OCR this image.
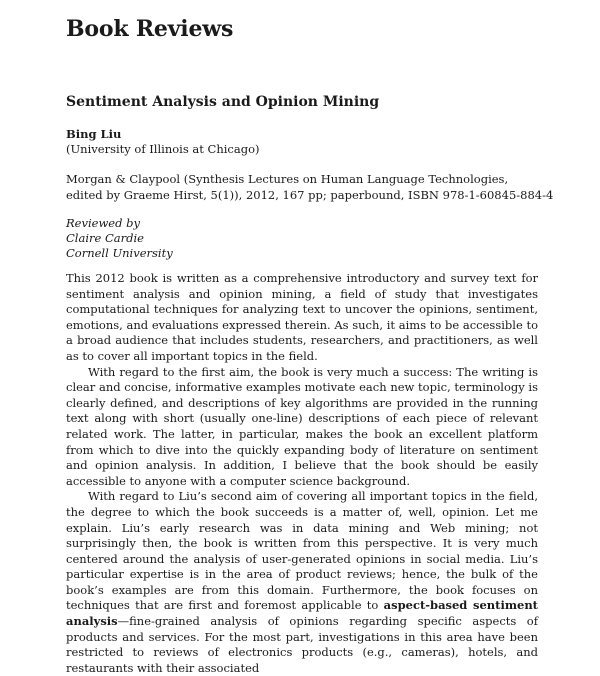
Book Reviews
Sentiment Analysis and Opinion Mining
Bing Liu
(University of Illinois at Chicago)
Morgan & Claypool (Synthesis Lectures on Human Language Technologies,
edited by Graeme Hirst, 5(1)), 2012, 167 pp; paperbound, ISBN 978-1-60845-884-4
Reviewed by
Claire Cardie
Cornell University

This 2012 book is written as a comprehensive introductory and survey text for sentiment analysis and opinion mining, a field of study that investigates computational techniques for analyzing text to uncover the opinions, sentiment, emotions, and evaluations expressed therein. As such, it aims to be accessible to a broad audience that includes students, researchers, and practitioners, as well as to cover all important topics in the field.

With regard to the first aim, the book is very much a success: The writing is clear and concise, informative examples motivate each new topic, terminology is clearly defined, and descriptions of key algorithms are provided in the running text along with short (usually one-line) descriptions of each piece of relevant related work. The latter, in particular, makes the book an excellent platform from which to dive into the quickly expanding body of literature on sentiment and opinion analysis. In addition, I believe that the book should be easily accessible to anyone with a computer science background.

With regard to Liu’s second aim of covering all important topics in the field, the degree to which the book succeeds is a matter of, well, opinion. Let me explain. Liu’s early research was in data mining and Web mining; not surprisingly then, the book is written from this perspective. It is very much centered around the analysis of user-generated opinions in social media. Liu’s particular expertise is in the area of product reviews; hence, the bulk of the book’s examples are from this domain. Furthermore, the book focuses on techniques that are first and foremost applicable to aspect-based sentiment analysis—fine-grained analysis of opinions regarding specific aspects of products and services. For the most part, investigations in this area have been restricted to reviews of electronics products (e.g., cameras), hotels, and restaurants with their associated
